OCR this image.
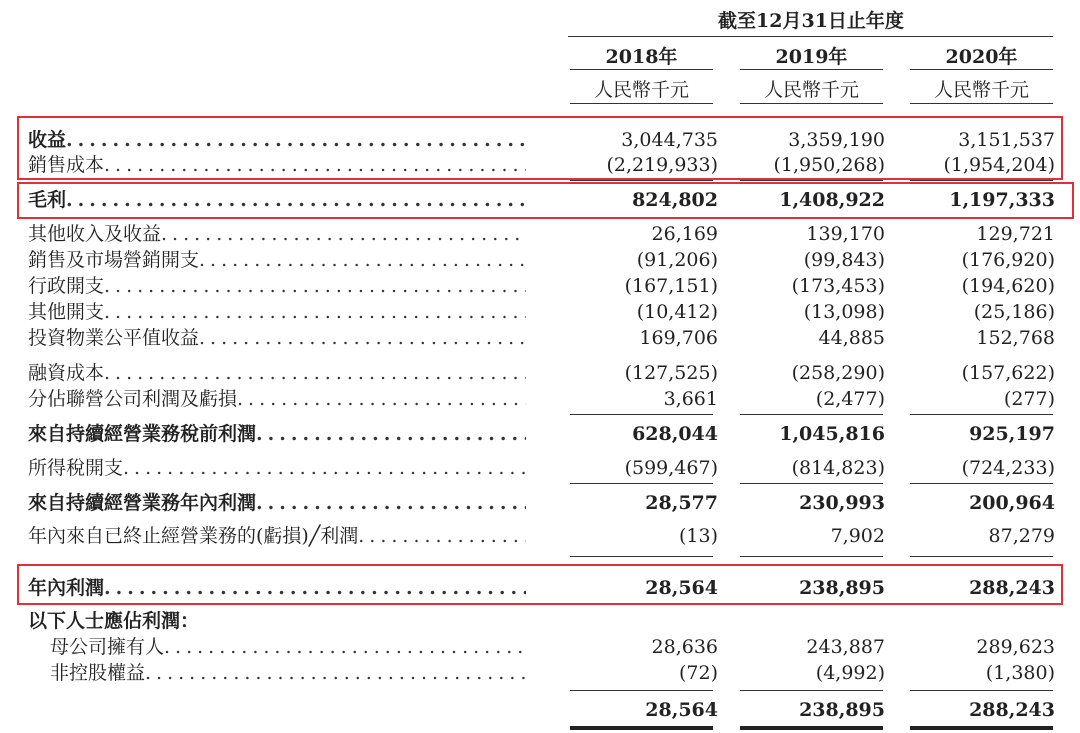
截至12月31日止年度
2018年	2019年	2020年
人民幣千元	人民幣千元	人民幣千元
收益 .....	3,044,735	3,359,190	3,151,537
銷售成本 .....	(2,219,933)	(1,950,268)	(1,954,204)
毛利 .....	824,802	1,408,922	1,197,333
其他收入及收益 .....	26,169	139,170	129,721
銷售及市場營銷開支 .....	(91,206)	(99,843)	(176,920)
行政開支 .....	(167,151)	(173,453)	(194,620)
其他開支 .....	(10,412)	(13,098)	(25,186)
投資物業公平值收益 .....	169,706	44,885	152,768
融資成本 .....	(127,525)	(258,290)	(157,622)
分佔聯營公司利潤及虧損 .....	3,661	(2,477)	(277)
來自持續經營業務稅前利潤 .....	628,044	1,045,816	925,197
所得稅開支 .....	(599,467)	(814,823)	(724,233)
來自持續經營業務年內利潤 .....	28,577	230,993	200,964
年內來自已終止經營業務的(虧損)╱利潤 .....	(13)	7,902	87,279
年內利潤 .....	28,564	238,895	288,243
以下人士應佔利潤：
母公司擁有人 .....	28,636	243,887	289,623
非控股權益 .....	(72)	(4,992)	(1,380)
28,564	238,895	288,243
